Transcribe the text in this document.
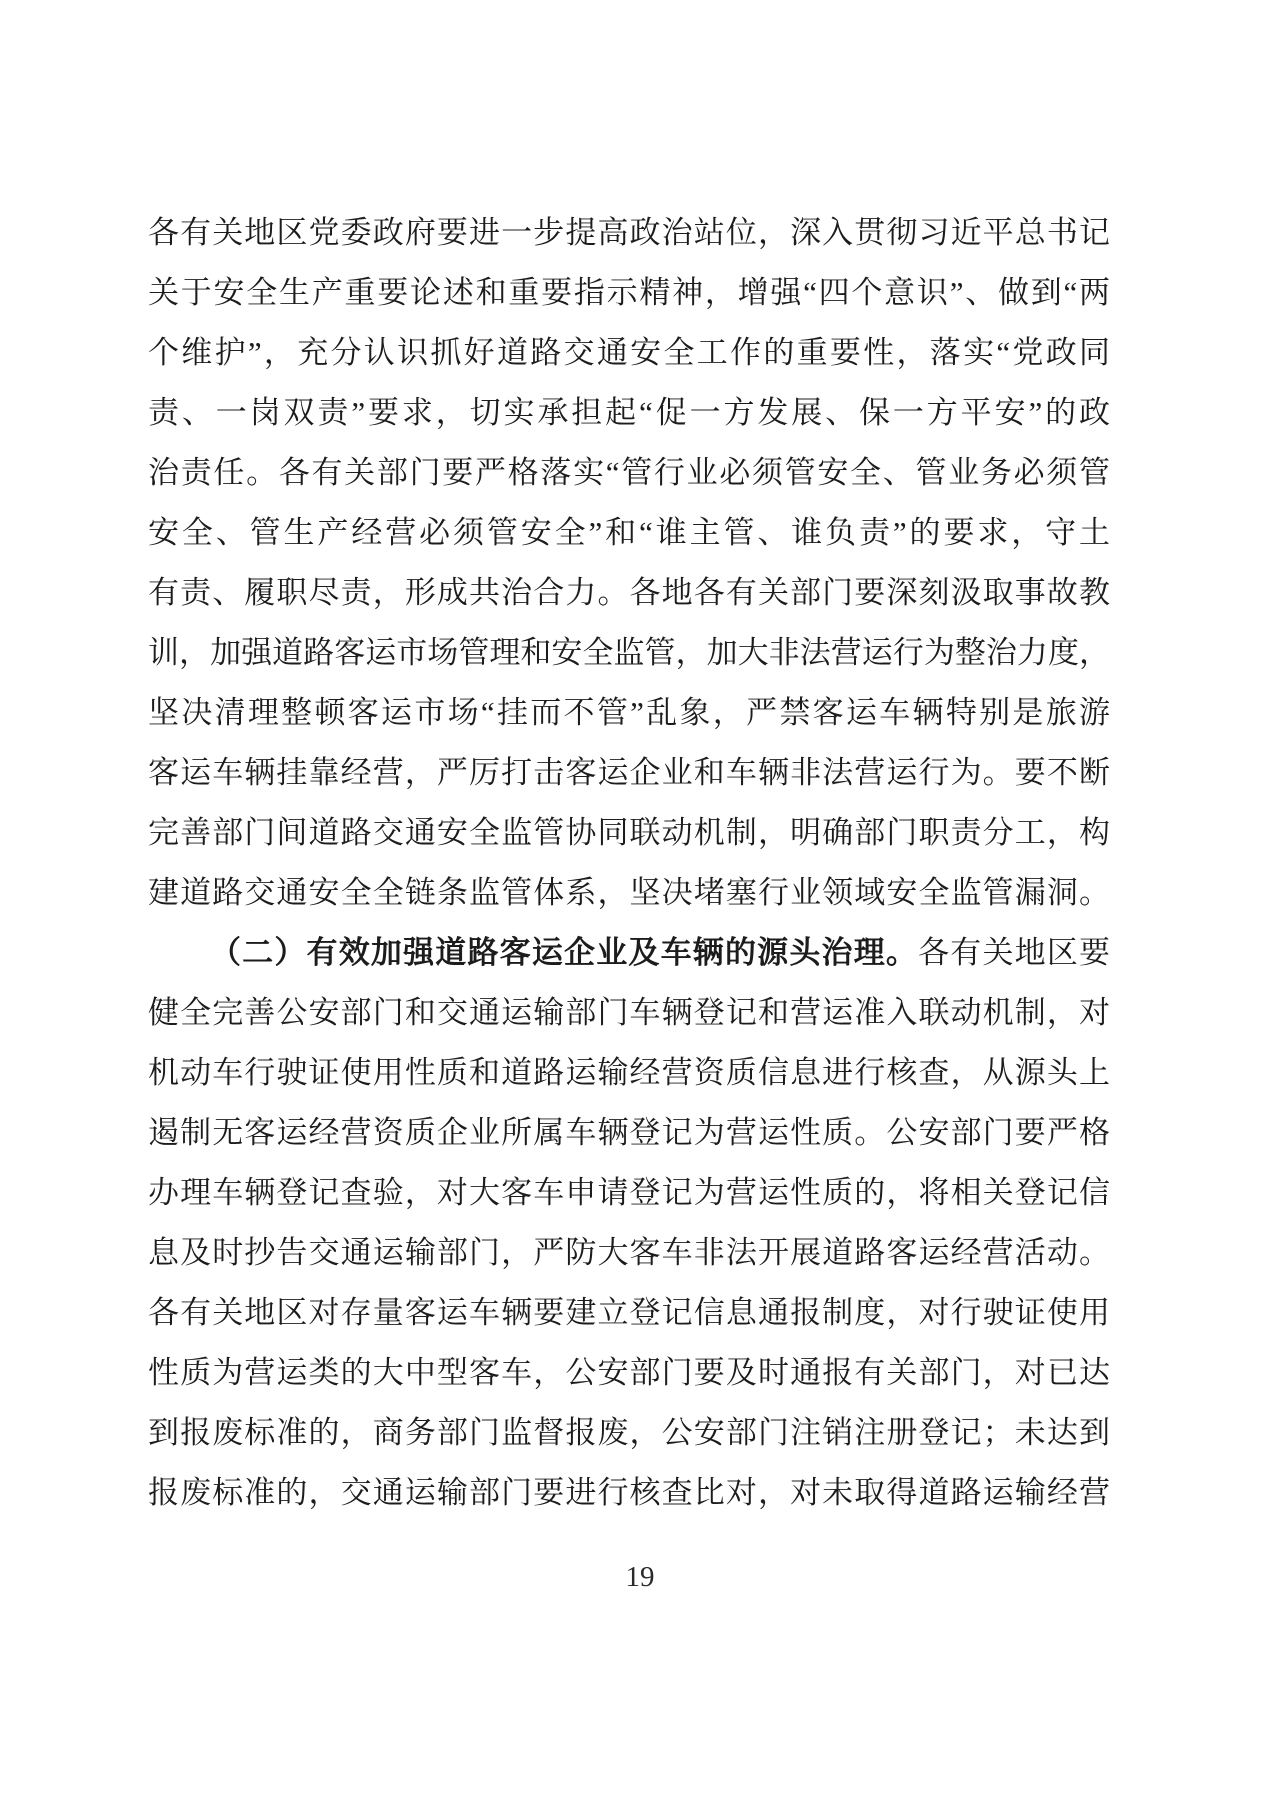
各有关地区党委政府要进一步提高政治站位，深入贯彻习近平总书记
关于安全生产重要论述和重要指示精神，增强“四个意识”、做到“两
个维护”，充分认识抓好道路交通安全工作的重要性，落实“党政同
责、一岗双责”要求，切实承担起“促一方发展、保一方平安”的政
治责任。各有关部门要严格落实“管行业必须管安全、管业务必须管
安全、管生产经营必须管安全”和“谁主管、谁负责”的要求，守土
有责、履职尽责，形成共治合力。各地各有关部门要深刻汲取事故教
训，加强道路客运市场管理和安全监管，加大非法营运行为整治力度，
坚决清理整顿客运市场“挂而不管”乱象，严禁客运车辆特别是旅游
客运车辆挂靠经营，严厉打击客运企业和车辆非法营运行为。要不断
完善部门间道路交通安全监管协同联动机制，明确部门职责分工，构
建道路交通安全全链条监管体系，坚决堵塞行业领域安全监管漏洞。
（二）有效加强道路客运企业及车辆的源头治理。各有关地区要
健全完善公安部门和交通运输部门车辆登记和营运准入联动机制，对
机动车行驶证使用性质和道路运输经营资质信息进行核查，从源头上
遏制无客运经营资质企业所属车辆登记为营运性质。公安部门要严格
办理车辆登记查验，对大客车申请登记为营运性质的，将相关登记信
息及时抄告交通运输部门，严防大客车非法开展道路客运经营活动。
各有关地区对存量客运车辆要建立登记信息通报制度，对行驶证使用
性质为营运类的大中型客车，公安部门要及时通报有关部门，对已达
到报废标准的，商务部门监督报废，公安部门注销注册登记；未达到
报废标准的，交通运输部门要进行核查比对，对未取得道路运输经营
19
